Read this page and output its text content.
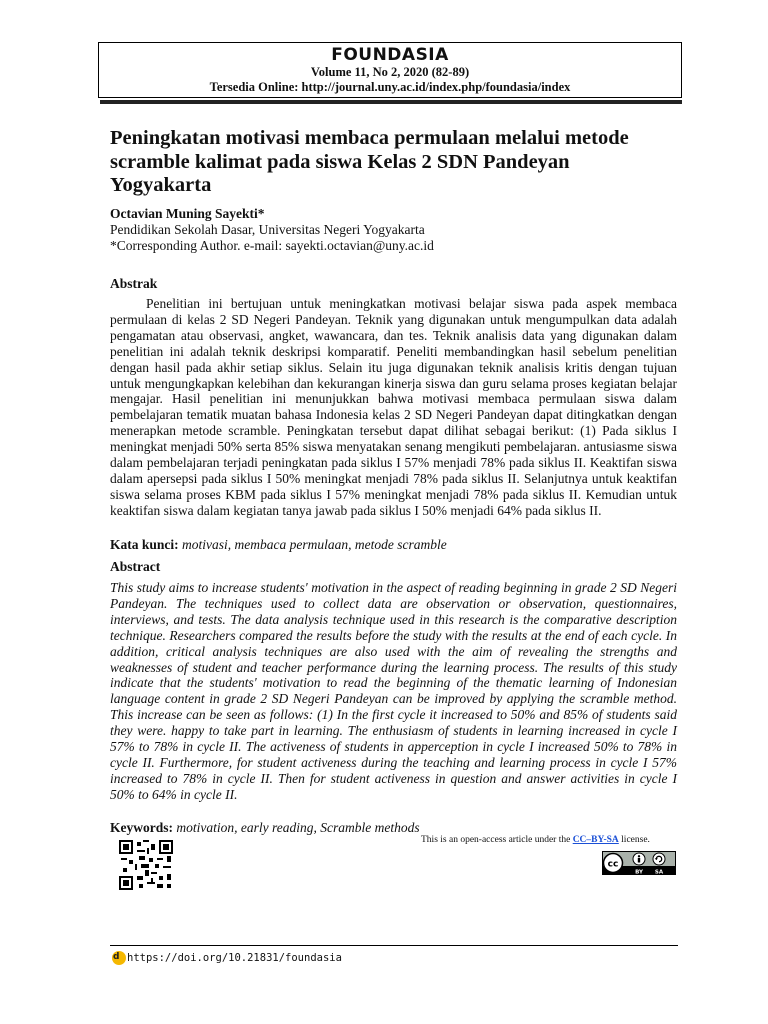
FOUNDASIA
Volume 11, No 2, 2020 (82-89)
Tersedia Online: http://journal.uny.ac.id/index.php/foundasia/index
Peningkatan motivasi membaca permulaan melalui metode scramble kalimat pada siswa Kelas 2 SDN Pandeyan Yogyakarta
Octavian Muning Sayekti*
Pendidikan Sekolah Dasar, Universitas Negeri Yogyakarta
*Corresponding Author. e-mail: sayekti.octavian@uny.ac.id
Abstrak
Penelitian ini bertujuan untuk meningkatkan motivasi belajar siswa pada aspek membaca permulaan di kelas 2 SD Negeri Pandeyan. Teknik yang digunakan untuk mengumpulkan data adalah pengamatan atau observasi, angket, wawancara, dan tes. Teknik analisis data yang digunakan dalam penelitian ini adalah teknik deskripsi komparatif. Peneliti membandingkan hasil sebelum penelitian dengan hasil pada akhir setiap siklus. Selain itu juga digunakan teknik analisis kritis dengan tujuan untuk mengungkapkan kelebihan dan kekurangan kinerja siswa dan guru selama proses kegiatan belajar mengajar. Hasil penelitian ini menunjukkan bahwa motivasi membaca permulaan siswa dalam pembelajaran tematik muatan bahasa Indonesia kelas 2 SD Negeri Pandeyan dapat ditingkatkan dengan menerapkan metode scramble. Peningkatan tersebut dapat dilihat sebagai berikut: (1) Pada siklus I meningkat menjadi 50% serta 85% siswa menyatakan senang mengikuti pembelajaran. antusiasme siswa dalam pembelajaran terjadi peningkatan pada siklus I 57% menjadi 78% pada siklus II. Keaktifan siswa dalam apersepsi pada siklus I 50% meningkat menjadi 78% pada siklus II. Selanjutnya untuk keaktifan siswa selama proses KBM pada siklus I 57% meningkat menjadi 78% pada siklus II. Kemudian untuk keaktifan siswa dalam kegiatan tanya jawab pada siklus I 50% menjadi 64% pada siklus II.
Kata kunci: motivasi, membaca permulaan, metode scramble
Abstract
This study aims to increase students' motivation in the aspect of reading beginning in grade 2 SD Negeri Pandeyan. The techniques used to collect data are observation or observation, questionnaires, interviews, and tests. The data analysis technique used in this research is the comparative description technique. Researchers compared the results before the study with the results at the end of each cycle. In addition, critical analysis techniques are also used with the aim of revealing the strengths and weaknesses of student and teacher performance during the learning process. The results of this study indicate that the students' motivation to read the beginning of the thematic learning of Indonesian language content in grade 2 SD Negeri Pandeyan can be improved by applying the scramble method. This increase can be seen as follows: (1) In the first cycle it increased to 50% and 85% of students said they were. happy to take part in learning. The enthusiasm of students in learning increased in cycle I 57% to 78% in cycle II. The activeness of students in apperception in cycle I increased 50% to 78% in cycle II. Furthermore, for student activeness during the teaching and learning process in cycle I 57% increased to 78% in cycle II. Then for student activeness in question and answer activities in cycle I 50% to 64% in cycle II.
Keywords: motivation, early reading, Scramble methods
This is an open-access article under the CC–BY-SA license.
cc
BY SA
d https://doi.org/10.21831/foundasia
